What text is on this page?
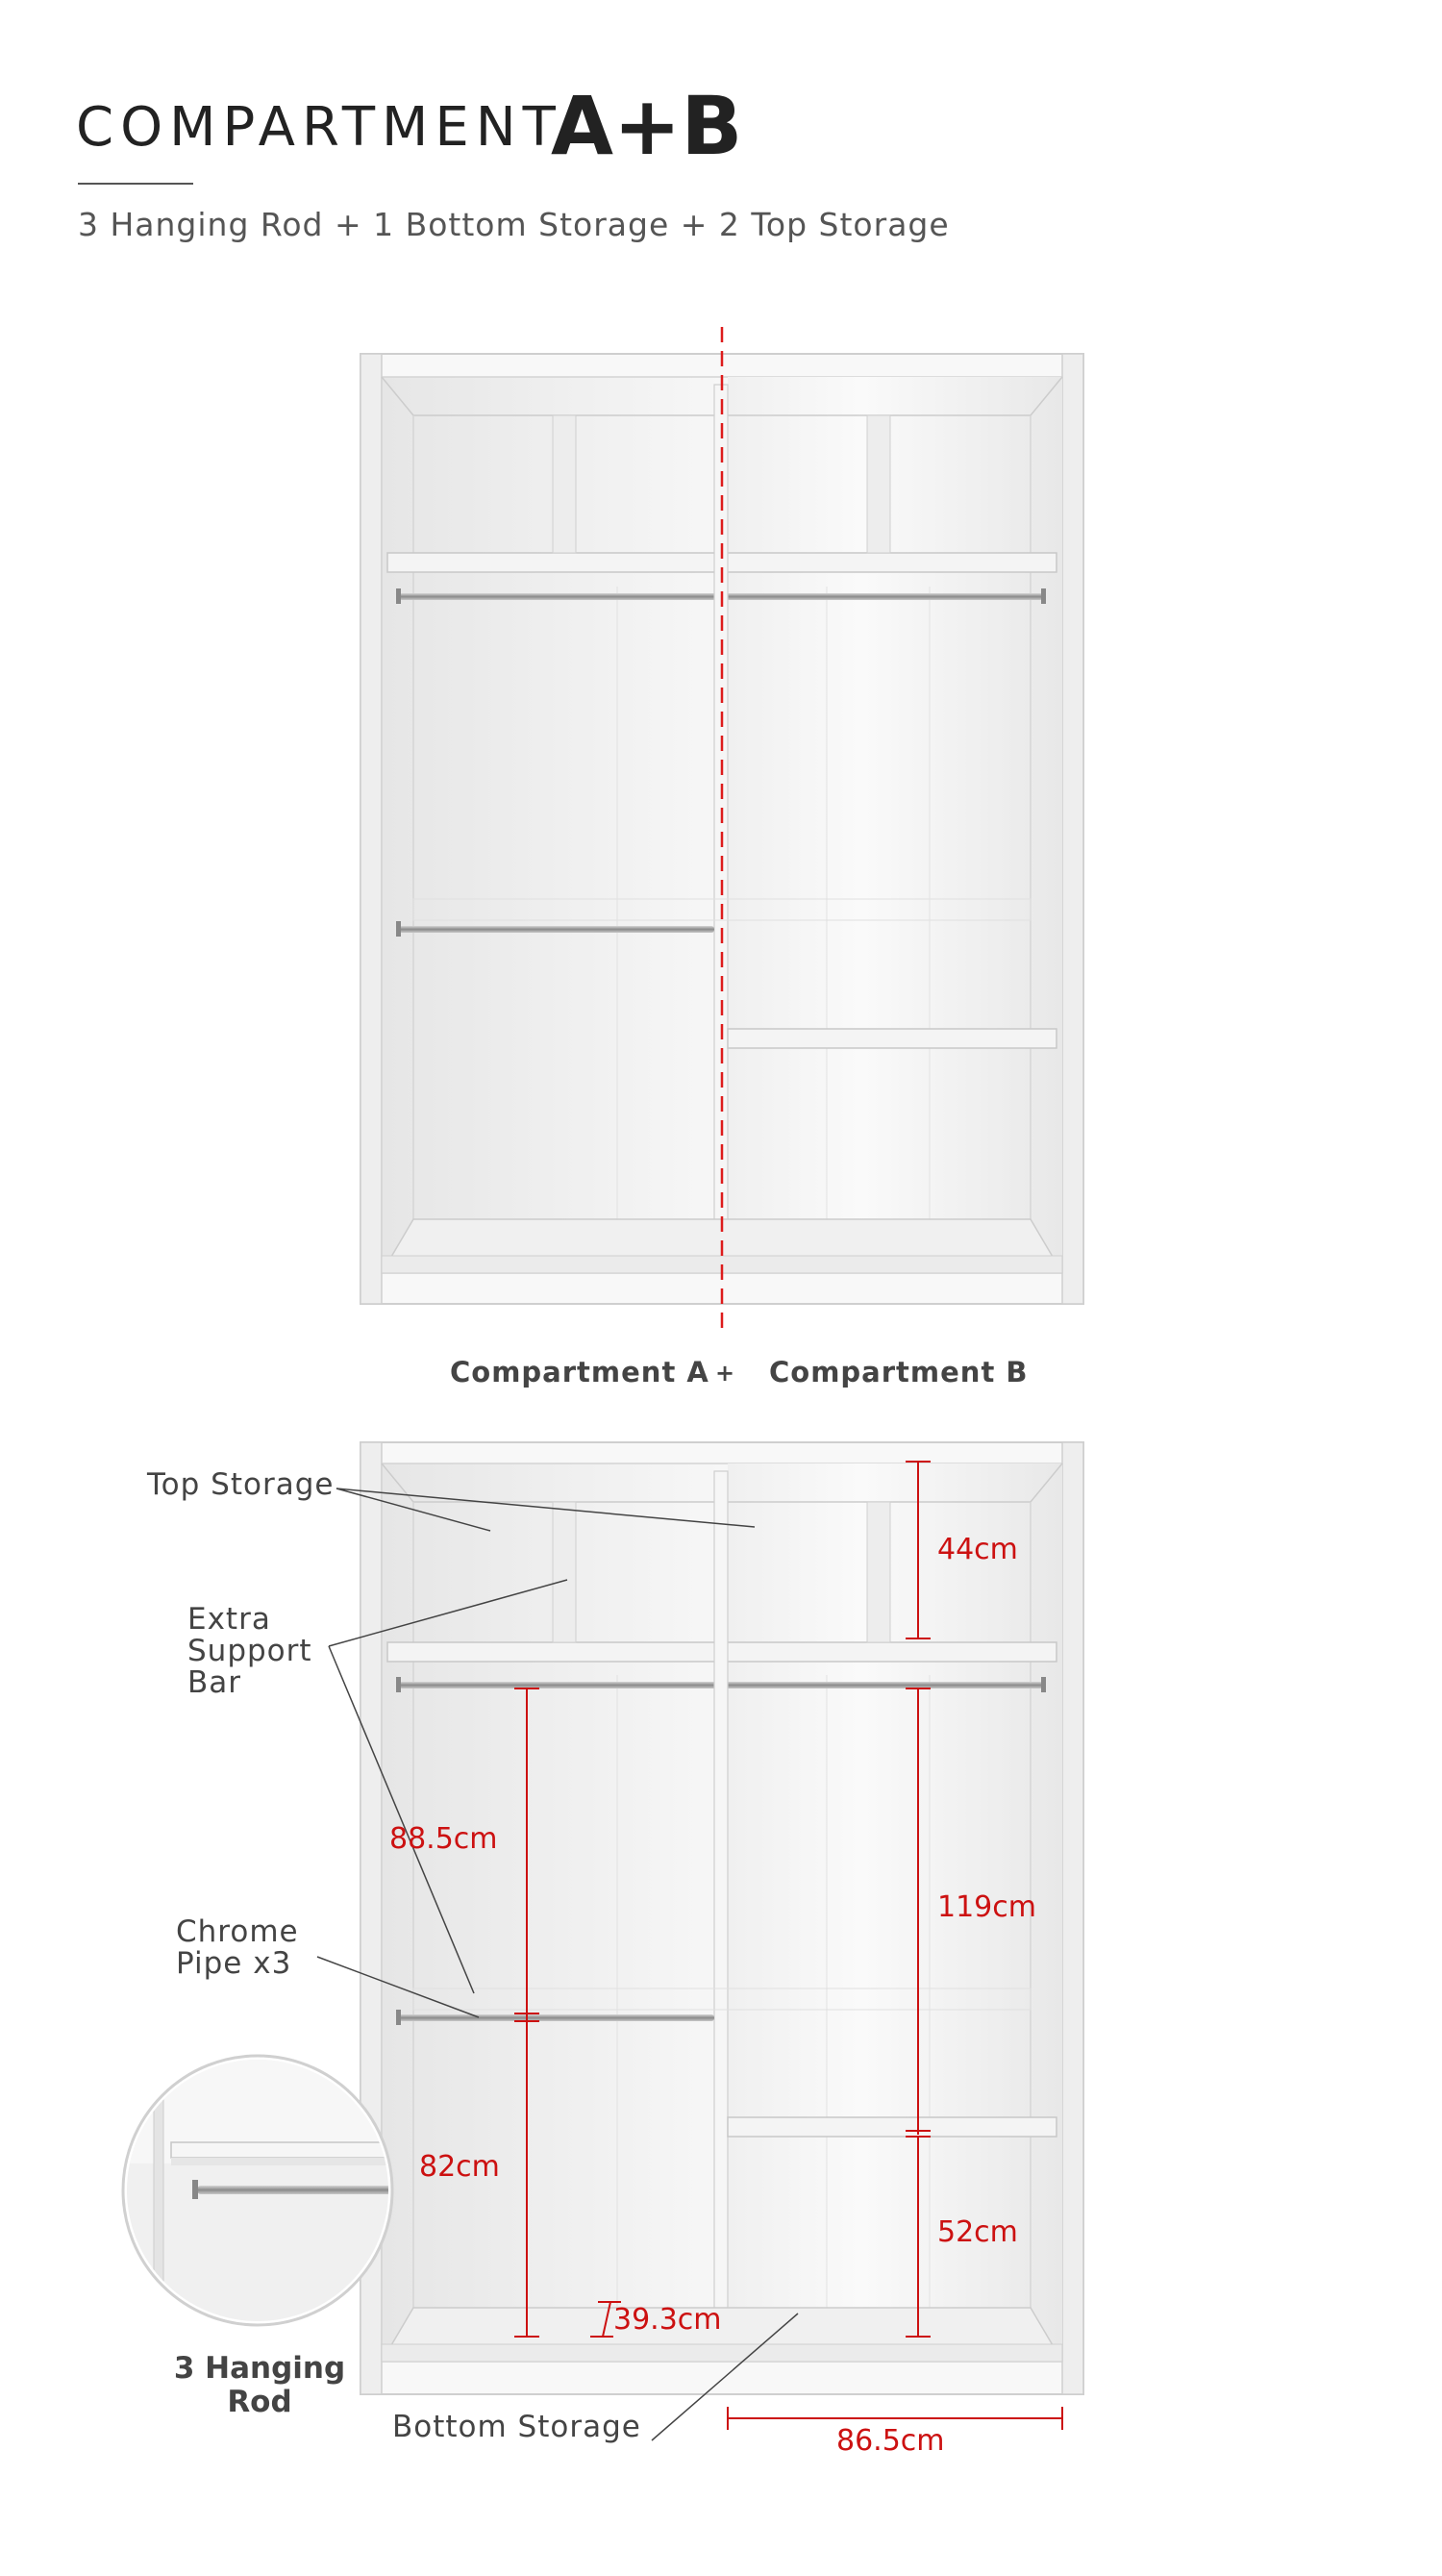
COMPARTMENT
A+B
3 Hanging Rod + 1 Bottom Storage + 2 Top Storage
Compartment A + Compartment B
Top Storage
Extra
Support
Bar
Chrome
Pipe x3
3 Hanging
Rod
Bottom Storage
44cm
119cm
52cm
88.5cm
82cm
39.3cm
86.5cm
